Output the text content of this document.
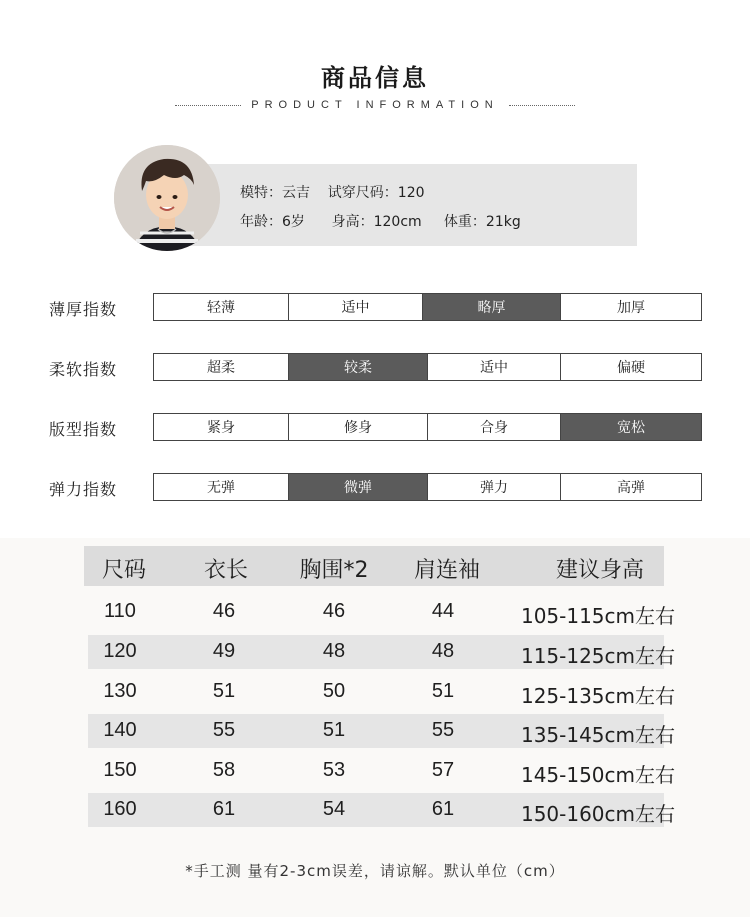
商品信息
PRODUCT INFORMATION
模特：云吉    试穿尺码：120
年龄：6岁      身高：120cm     体重：21kg
薄厚指数	轻薄	适中	略厚	加厚
柔软指数	超柔	较柔	适中	偏硬
版型指数	紧身	修身	合身	宽松
弹力指数	无弹	微弹	弹力	高弹
尺码	衣长	胸围*2	肩连袖	建议身高
110	46	46	44	105-115cm左右
120	49	48	48	115-125cm左右
130	51	50	51	125-135cm左右
140	55	51	55	135-145cm左右
150	58	53	57	145-150cm左右
160	61	54	61	150-160cm左右
*手工测 量有2-3cm误差，请谅解。默认单位（cm）
